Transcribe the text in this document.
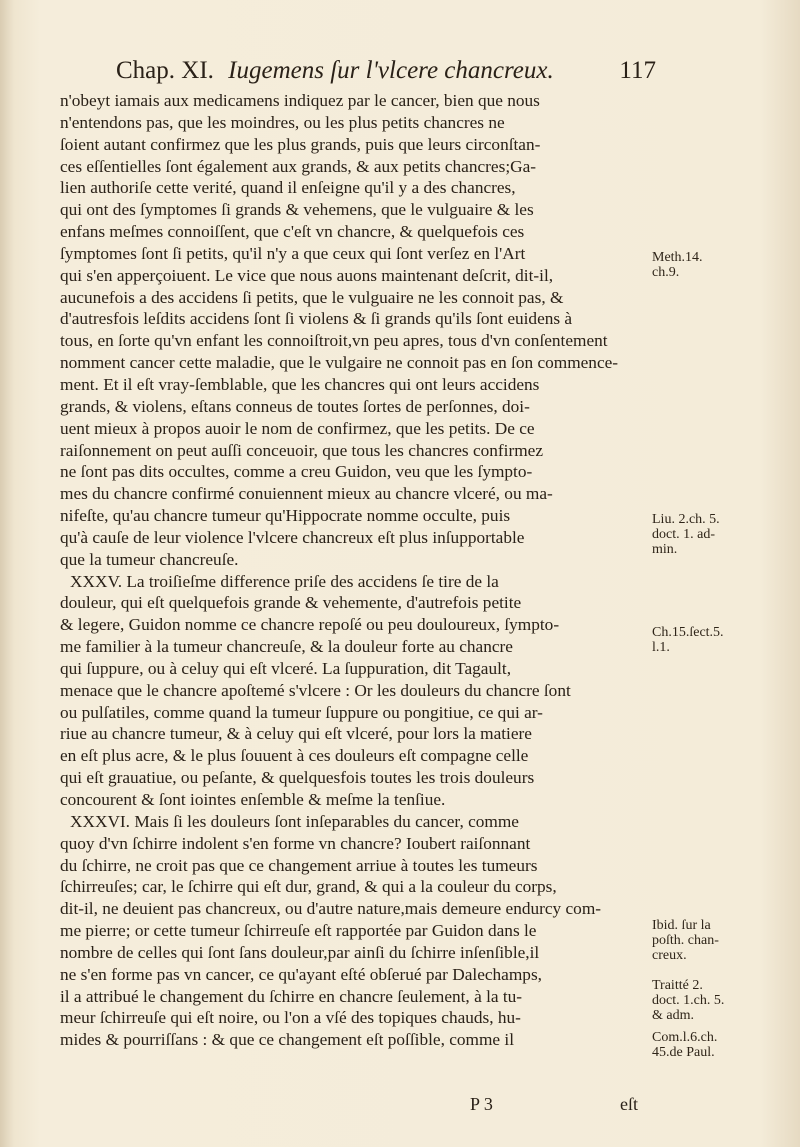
Chap. XI. Iugemens ſur l'vlcere chancreux.	117
n'obeyt iamais aux medicamens indiquez par le cancer, bien que nous
n'entendons pas, que les moindres, ou les plus petits chancres ne
ſoient autant confirmez que les plus grands, puis que leurs circonſtan-
ces eſſentielles ſont également aux grands, & aux petits chancres;Ga-
lien authoriſe cette verité, quand il enſeigne qu'il y a des chancres,
qui ont des ſymptomes ſi grands & vehemens, que le vulguaire & les
enfans meſmes connoiſſent, que c'eſt vn chancre, & quelquefois ces
ſymptomes ſont ſi petits, qu'il n'y a que ceux qui ſont verſez en l'Art
qui s'en apperçoiuent. Le vice que nous auons maintenant deſcrit, dit-il,
aucunefois a des accidens ſi petits, que le vulguaire ne les connoit pas, &
d'autresfois leſdits accidens ſont ſi violens & ſi grands qu'ils ſont euidens à
tous, en ſorte qu'vn enfant les connoiſtroit,vn peu apres, tous d'vn conſentement
nomment cancer cette maladie, que le vulgaire ne connoit pas en ſon commence-
ment. Et il eſt vray-ſemblable, que les chancres qui ont leurs accidens
grands, & violens, eſtans conneus de toutes ſortes de perſonnes, doi-
uent mieux à propos auoir le nom de confirmez, que les petits. De ce
raiſonnement on peut auſſi conceuoir, que tous les chancres confirmez
ne ſont pas dits occultes, comme a creu Guidon, veu que les ſympto-
mes du chancre confirmé conuiennent mieux au chancre vlceré, ou ma-
nifeſte, qu'au chancre tumeur qu'Hippocrate nomme occulte, puis
qu'à cauſe de leur violence l'vlcere chancreux eſt plus inſupportable
que la tumeur chancreuſe.
XXXV. La troiſieſme difference priſe des accidens ſe tire de la
douleur, qui eſt quelquefois grande & vehemente, d'autrefois petite
& legere, Guidon nomme ce chancre repoſé ou peu douloureux, ſympto-
me familier à la tumeur chancreuſe, & la douleur forte au chancre
qui ſuppure, ou à celuy qui eſt vlceré. La ſuppuration, dit Tagault,
menace que le chancre apoſtemé s'vlcere : Or les douleurs du chancre ſont
ou pulſatiles, comme quand la tumeur ſuppure ou pongitiue, ce qui ar-
riue au chancre tumeur, & à celuy qui eſt vlceré, pour lors la matiere
en eſt plus acre, & le plus ſouuent à ces douleurs eſt compagne celle
qui eſt grauatiue, ou peſante, & quelquesfois toutes les trois douleurs
concourent & ſont iointes enſemble & meſme la tenſiue.
XXXVI. Mais ſi les douleurs ſont inſeparables du cancer, comme
quoy d'vn ſchirre indolent s'en forme vn chancre? Ioubert raiſonnant
du ſchirre, ne croit pas que ce changement arriue à toutes les tumeurs
ſchirreuſes; car, le ſchirre qui eſt dur, grand, & qui a la couleur du corps,
dit-il, ne deuient pas chancreux, ou d'autre nature,mais demeure endurcy com-
me pierre; or cette tumeur ſchirreuſe eſt rapportée par Guidon dans le
nombre de celles qui ſont ſans douleur,par ainſi du ſchirre inſenſible,il
ne s'en forme pas vn cancer, ce qu'ayant eſté obſerué par Dalechamps,
il a attribué le changement du ſchirre en chancre ſeulement, à la tu-
meur ſchirreuſe qui eſt noire, ou l'on a vſé des topiques chauds, hu-
mides & pourriſſans : & que ce changement eſt poſſible, comme il
Meth.14.
ch.9.
Liu. 2.ch. 5.
doct. 1. ad-
min.
Ch.15.ſect.5.
l.1.
Ibid. ſur la
poſth. chan-
creux.
Traitté 2.
doct. 1.ch. 5.
& adm.
Com.l.6.ch.
45.de Paul.
P 3	eſt
